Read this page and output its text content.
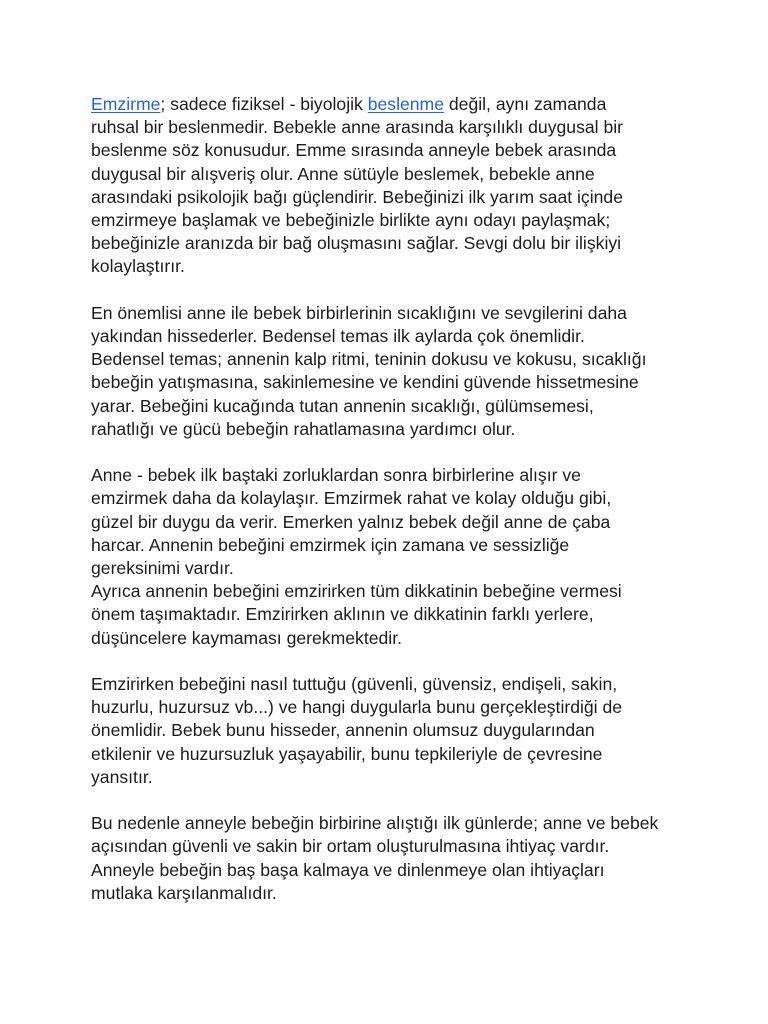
Emzirme; sadece fiziksel - biyolojik beslenme değil, aynı zamanda
ruhsal bir beslenmedir. Bebekle anne arasında karşılıklı duygusal bir
beslenme söz konusudur. Emme sırasında anneyle bebek arasında
duygusal bir alışveriş olur. Anne sütüyle beslemek, bebekle anne
arasındaki psikolojik bağı güçlendirir. Bebeğinizi ilk yarım saat içinde
emzirmeye başlamak ve bebeğinizle birlikte aynı odayı paylaşmak;
bebeğinizle aranızda bir bağ oluşmasını sağlar. Sevgi dolu bir ilişkiyi
kolaylaştırır.

En önemlisi anne ile bebek birbirlerinin sıcaklığını ve sevgilerini daha
yakından hissederler. Bedensel temas ilk aylarda çok önemlidir.
Bedensel temas; annenin kalp ritmi, teninin dokusu ve kokusu, sıcaklığı
bebeğin yatışmasına, sakinlemesine ve kendini güvende hissetmesine
yarar. Bebeğini kucağında tutan annenin sıcaklığı, gülümsemesi,
rahatlığı ve gücü bebeğin rahatlamasına yardımcı olur.

Anne - bebek ilk baştaki zorluklardan sonra birbirlerine alışır ve
emzirmek daha da kolaylaşır. Emzirmek rahat ve kolay olduğu gibi,
güzel bir duygu da verir. Emerken yalnız bebek değil anne de çaba
harcar. Annenin bebeğini emzirmek için zamana ve sessizliğe
gereksinimi vardır.

Ayrıca annenin bebeğini emzirirken tüm dikkatinin bebeğine vermesi
önem taşımaktadır. Emzirirken aklının ve dikkatinin farklı yerlere,
düşüncelere kaymaması gerekmektedir.

Emzirirken bebeğini nasıl tuttuğu (güvenli, güvensiz, endişeli, sakin,
huzurlu, huzursuz vb...) ve hangi duygularla bunu gerçekleştirdiği de
önemlidir. Bebek bunu hisseder, annenin olumsuz duygularından
etkilenir ve huzursuzluk yaşayabilir, bunu tepkileriyle de çevresine
yansıtır.

Bu nedenle anneyle bebeğin birbirine alıştığı ilk günlerde; anne ve bebek
açısından güvenli ve sakin bir ortam oluşturulmasına ihtiyaç vardır.
Anneyle bebeğin baş başa kalmaya ve dinlenmeye olan ihtiyaçları
mutlaka karşılanmalıdır.
